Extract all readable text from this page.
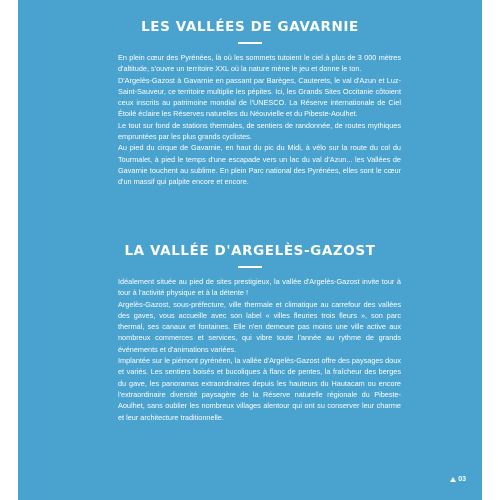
LES VALLÉES DE GAVARNIE

En plein cœur des Pyrénées, là où les sommets tutoient le ciel à plus de 3 000 mètres d'altitude, s'ouvre un territoire XXL où la nature mène le jeu et donne le ton.

D'Argelès-Gazost à Gavarnie en passant par Barèges, Cauterets, le val d'Azun et Luz-Saint-Sauveur, ce territoire multiplie les pépites. Ici, les Grands Sites Occitanie côtoient ceux inscrits au patrimoine mondial de l'UNESCO. La Réserve internationale de Ciel Étoilé éclaire les Réserves naturelles du Néouvielle et du Pibeste-Aoulhet.

Le tout sur fond de stations thermales, de sentiers de randonnée, de routes mythiques empruntées par les plus grands cyclistes.

Au pied du cirque de Gavarnie, en haut du pic du Midi, à vélo sur la route du col du Tourmalet, à pied le temps d'une escapade vers un lac du val d'Azun... les Vallées de Gavarnie touchent au sublime. En plein Parc national des Pyrénées, elles sont le cœur d'un massif qui palpite encore et encore.

LA VALLÉE D'ARGELÈS-GAZOST

Idéalement située au pied de sites prestigieux, la vallée d'Argelès-Gazost invite tour à tour à l'activité physique et à la détente !

Argelès-Gazost, sous-préfecture, ville thermale et climatique au carrefour des vallées des gaves, vous accueille avec son label « villes fleuries trois fleurs », son parc thermal, ses canaux et fontaines. Elle n'en demeure pas moins une ville active aux nombreux commerces et services, qui vibre toute l'année au rythme de grands événements et d'animations variées.

Implantée sur le piémont pyrénéen, la vallée d'Argelès-Gazost offre des paysages doux et variés. Les sentiers boisés et bucoliques à flanc de pentes, la fraîcheur des berges du gave, les panoramas extraordinaires depuis les hauteurs du Hautacam ou encore l'extraordinaire diversité paysagère de la Réserve naturelle régionale du Pibeste-Aoulhet, sans oublier les nombreux villages alentour qui ont su conserver leur charme et leur architecture traditionnelle.

03
